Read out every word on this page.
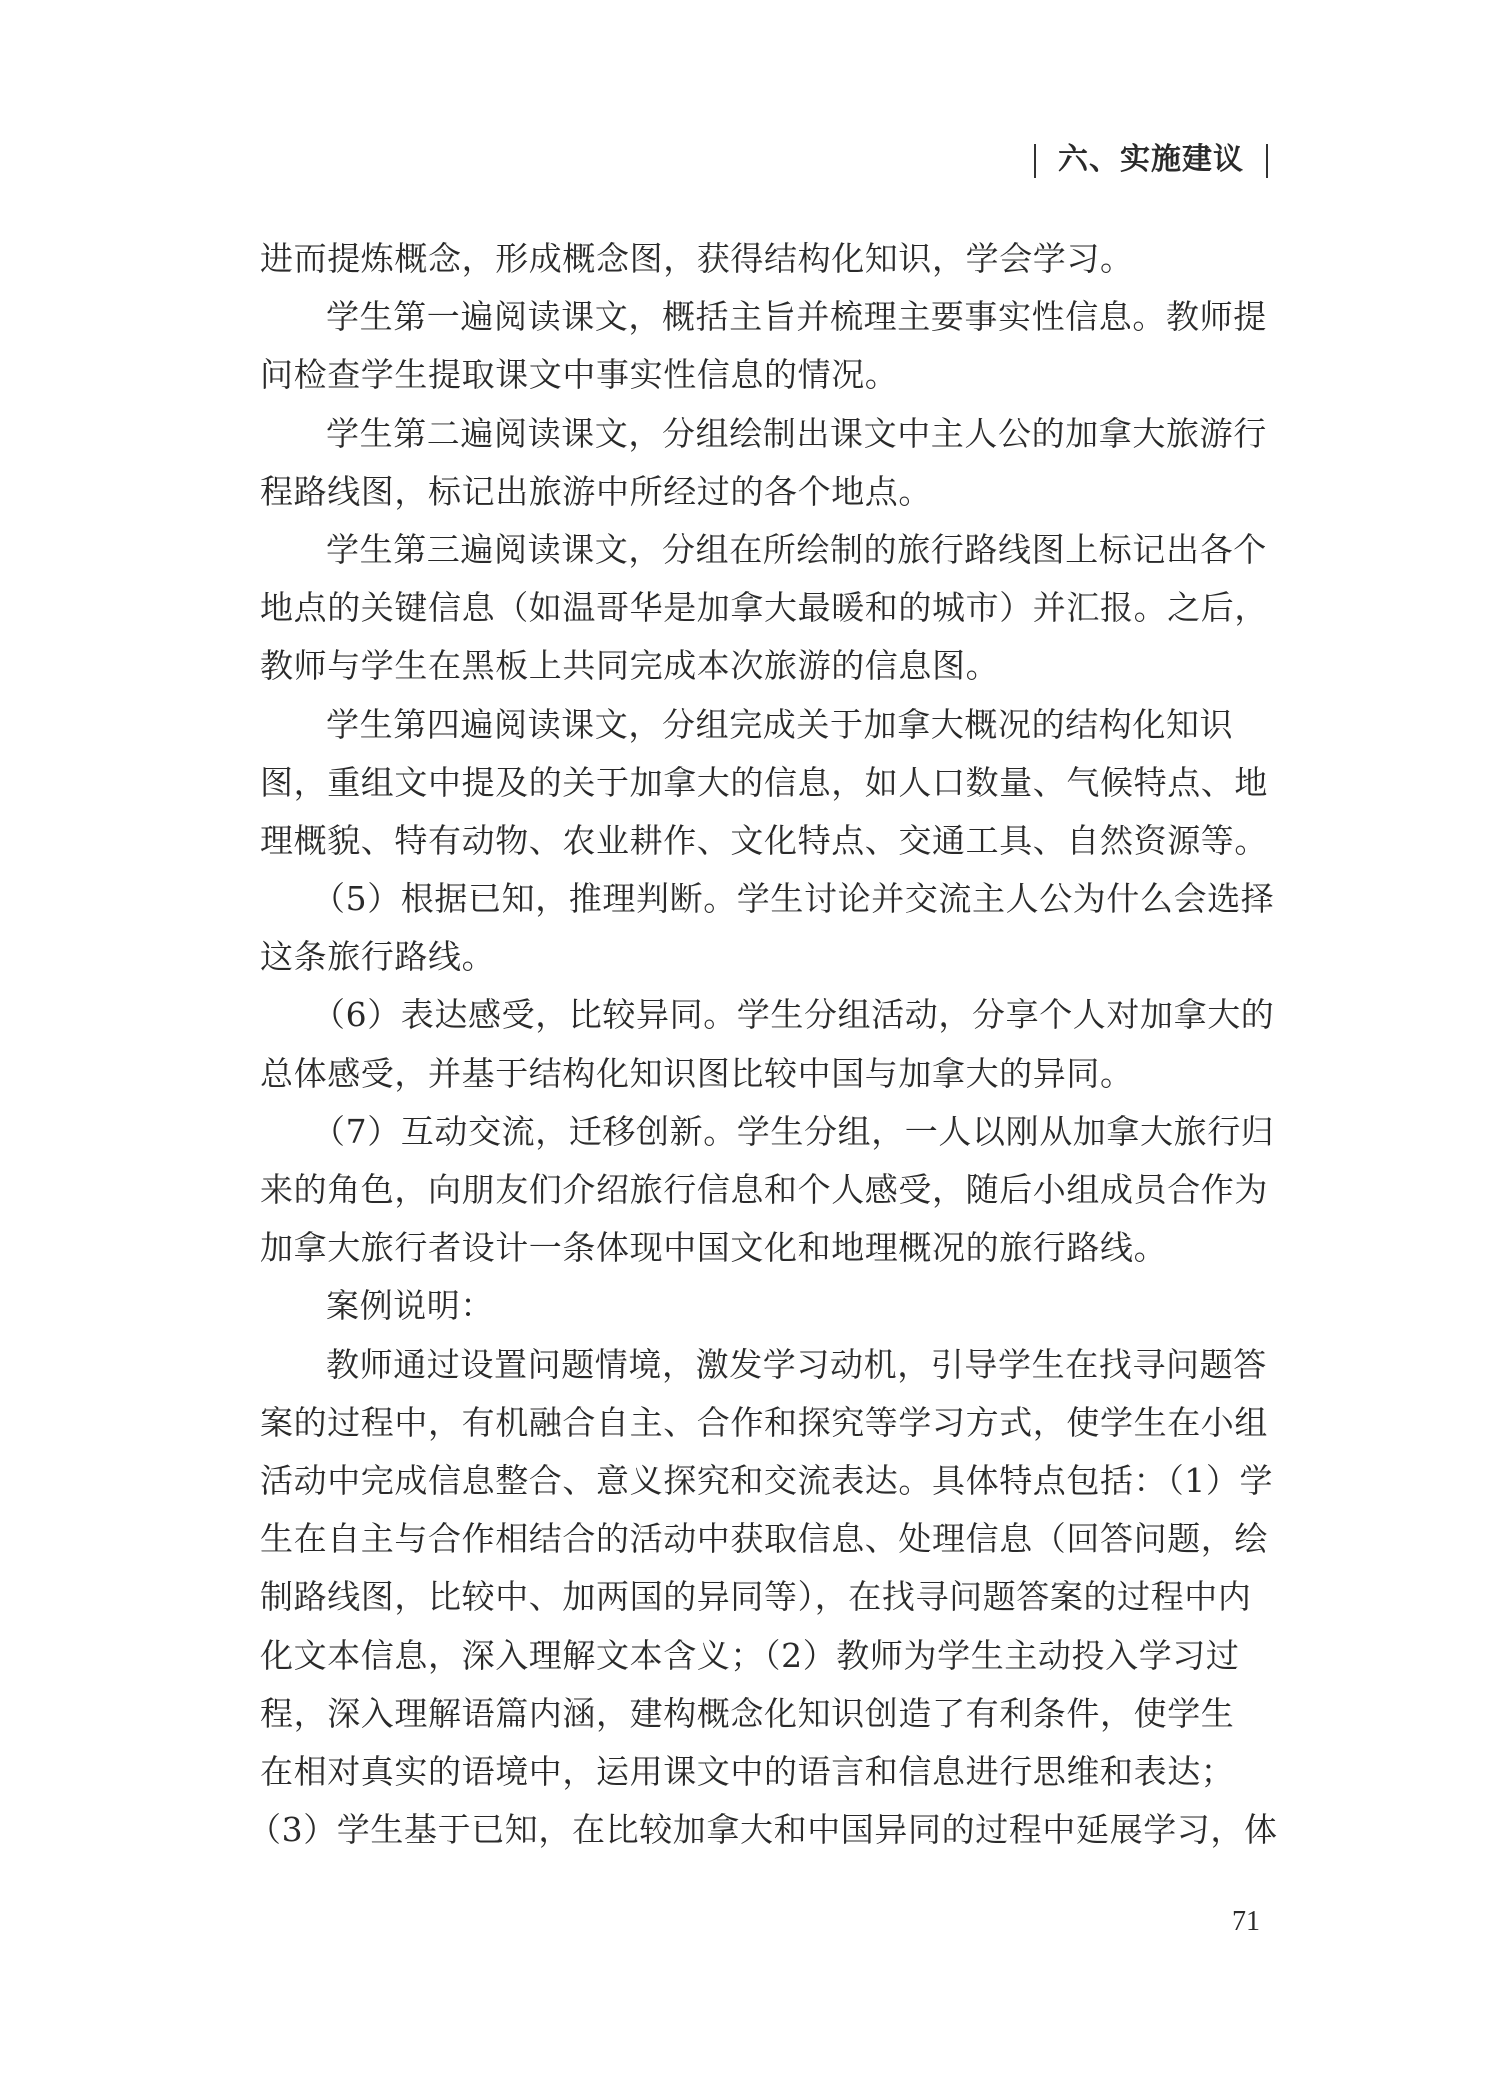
六、实施建议
进而提炼概念，形成概念图，获得结构化知识，学会学习。
学生第一遍阅读课文，概括主旨并梳理主要事实性信息。教师提
问检查学生提取课文中事实性信息的情况。
学生第二遍阅读课文，分组绘制出课文中主人公的加拿大旅游行
程路线图，标记出旅游中所经过的各个地点。
学生第三遍阅读课文，分组在所绘制的旅行路线图上标记出各个
地点的关键信息（如温哥华是加拿大最暖和的城市）并汇报。之后，
教师与学生在黑板上共同完成本次旅游的信息图。
学生第四遍阅读课文，分组完成关于加拿大概况的结构化知识
图，重组文中提及的关于加拿大的信息，如人口数量、气候特点、地
理概貌、特有动物、农业耕作、文化特点、交通工具、自然资源等。
（5）根据已知，推理判断。学生讨论并交流主人公为什么会选择
这条旅行路线。
（6）表达感受，比较异同。学生分组活动，分享个人对加拿大的
总体感受，并基于结构化知识图比较中国与加拿大的异同。
（7）互动交流，迁移创新。学生分组，一人以刚从加拿大旅行归
来的角色，向朋友们介绍旅行信息和个人感受，随后小组成员合作为
加拿大旅行者设计一条体现中国文化和地理概况的旅行路线。
案例说明：
教师通过设置问题情境，激发学习动机，引导学生在找寻问题答
案的过程中，有机融合自主、合作和探究等学习方式，使学生在小组
活动中完成信息整合、意义探究和交流表达。具体特点包括：（1）学
生在自主与合作相结合的活动中获取信息、处理信息（回答问题，绘
制路线图，比较中、加两国的异同等），在找寻问题答案的过程中内
化文本信息，深入理解文本含义；（2）教师为学生主动投入学习过
程，深入理解语篇内涵，建构概念化知识创造了有利条件，使学生
在相对真实的语境中，运用课文中的语言和信息进行思维和表达；
（3）学生基于已知，在比较加拿大和中国异同的过程中延展学习，体
71
